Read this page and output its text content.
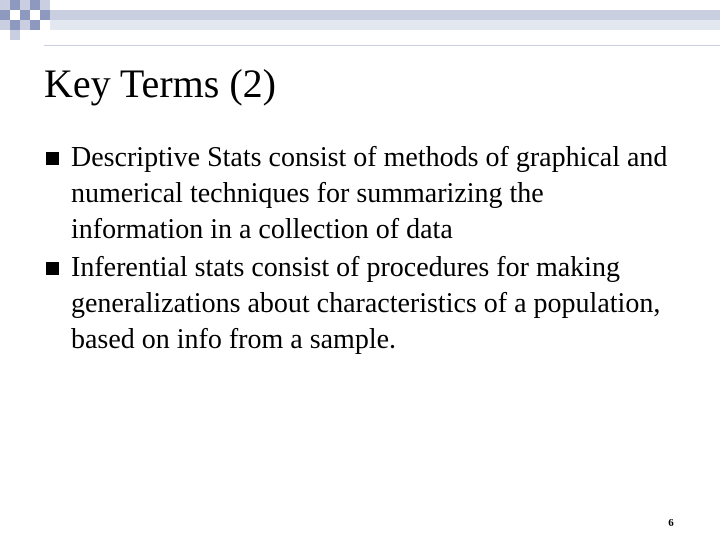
Key Terms (2)
Descriptive Stats consist of methods of graphical and numerical techniques for summarizing the information in a collection of data
Inferential stats consist of procedures for making generalizations about characteristics of a population, based on info from a sample.
6
